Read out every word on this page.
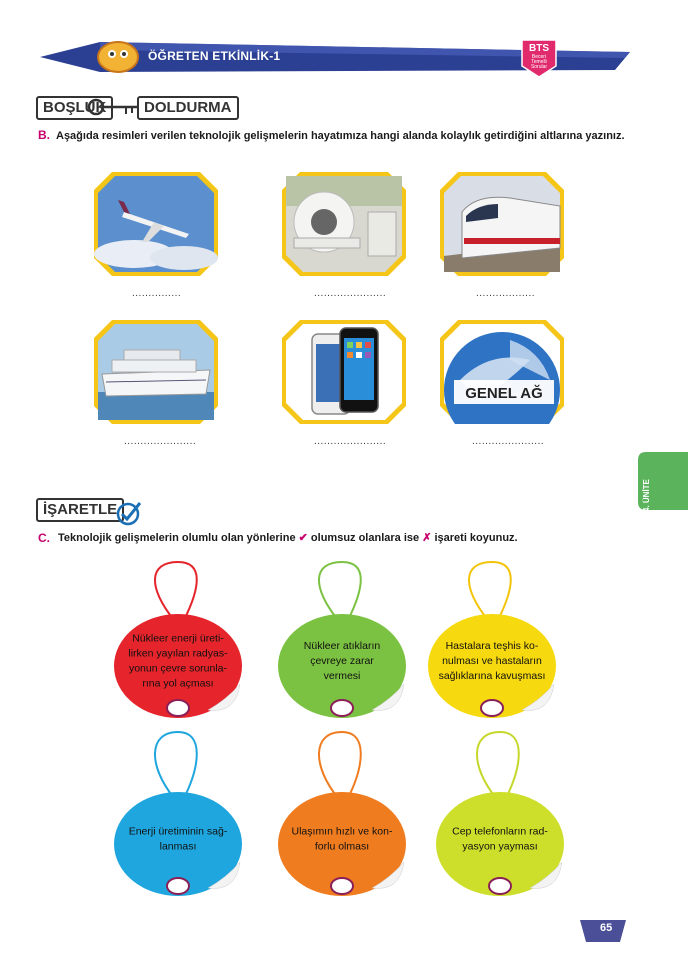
ÖĞRETEN ETKİNLİK-1
BTS
Beceri
Temelli
Sorular
BOŞLUK	DOLDURMA
B. Aşağıda resimleri verilen teknolojik gelişmelerin hayatımıza hangi alanda kolaylık getirdiğini altlarına yazınız.
...............	......................	..................
......................	......................
GENEL AĞ
......................
İŞARETLE
C. Teknolojik gelişmelerin olumlu olan yönlerine ✔ olumsuz olanlara ise ✗ işareti koyunuz.
4. ÜNİTE
Nükleer enerji üreti-
lirken yayılan radyas-
yonun çevre sorunla-
rına yol açması
Nükleer atıkların
çevreye zarar
vermesi
Hastalara teşhis ko-
nulması ve hastaların
sağlıklarına kavuşması
Enerji üretiminin sağ-
lanması
Ulaşımın hızlı ve kon-
forlu olması
Cep telefonların rad-
yasyon yayması
65
